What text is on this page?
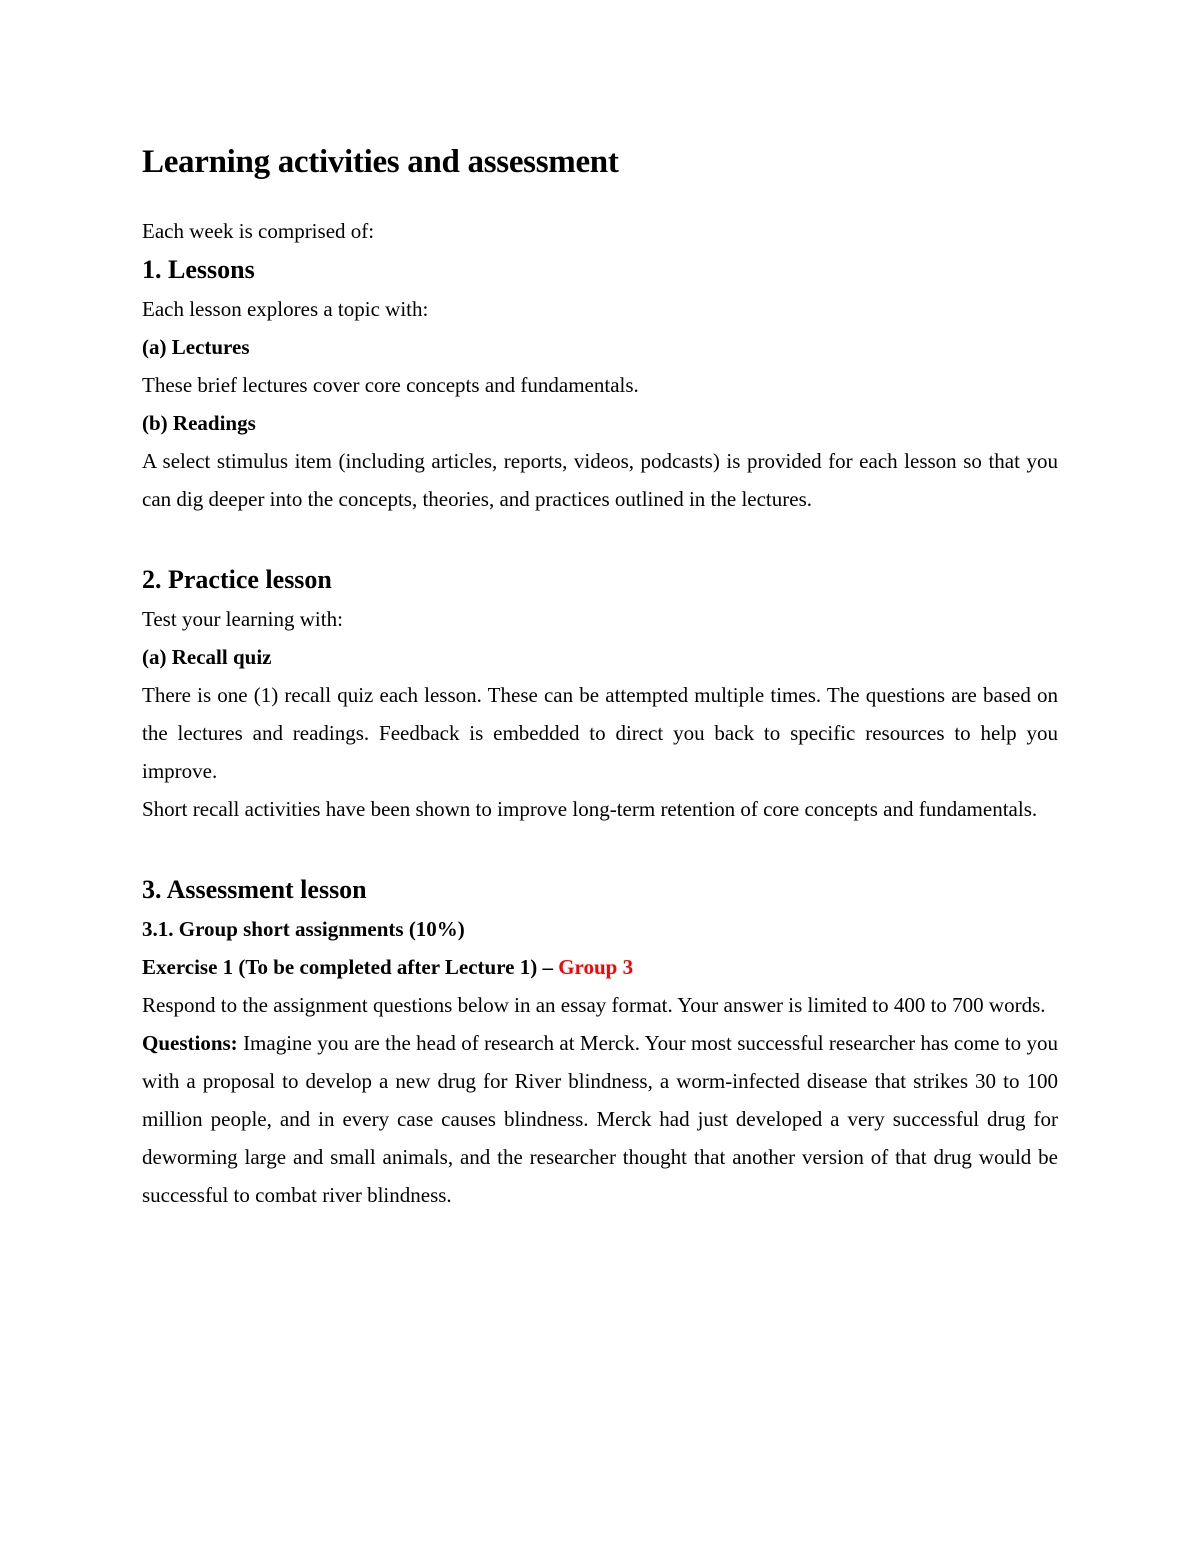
Learning activities and assessment

Each week is comprised of:

1. Lessons

Each lesson explores a topic with:

(a) Lectures

These brief lectures cover core concepts and fundamentals.

(b) Readings

A select stimulus item (including articles, reports, videos, podcasts) is provided for each lesson so that you can dig deeper into the concepts, theories, and practices outlined in the lectures.

2. Practice lesson

Test your learning with:

(a) Recall quiz

There is one (1) recall quiz each lesson. These can be attempted multiple times. The questions are based on the lectures and readings. Feedback is embedded to direct you back to specific resources to help you improve.

Short recall activities have been shown to improve long-term retention of core concepts and fundamentals.

3. Assessment lesson

3.1. Group short assignments (10%)

Exercise 1 (To be completed after Lecture 1) – Group 3

Respond to the assignment questions below in an essay format. Your answer is limited to 400 to 700 words.

Questions: Imagine you are the head of research at Merck. Your most successful researcher has come to you with a proposal to develop a new drug for River blindness, a worm-infected disease that strikes 30 to 100 million people, and in every case causes blindness. Merck had just developed a very successful drug for deworming large and small animals, and the researcher thought that another version of that drug would be successful to combat river blindness.
